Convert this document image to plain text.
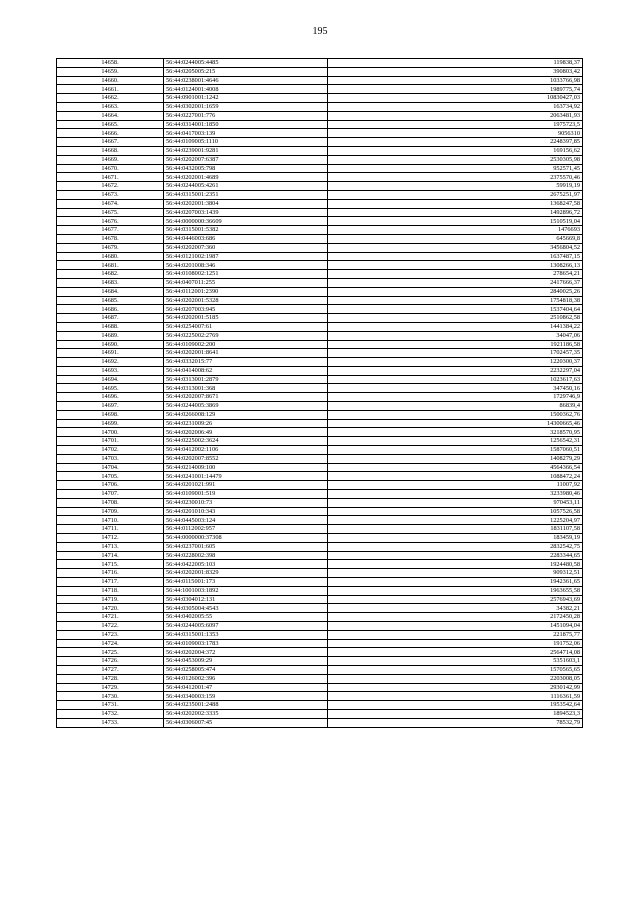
195
14658.	56:44:0244005:4485	119838,37
14659.	56:44:0205005:215	390803,42
14660.	56:44:0238001:4646	1033766,98
14661.	56:44:0124001:4008	1989775,74
14662.	56:44:0901001:1242	10830427,03
14663.	56:44:0302001:1659	163734,92
14664.	56:44:0227001:776	2063481,93
14665.	56:44:0314001:1850	1975723,5
14666.	56:44:0417003:139	9056310
14667.	56:44:0109005:1110	2248397,85
14668.	56:44:0239001:9281	169156,62
14669.	56:44:0202007:6387	2530305,98
14670.	56:44:0432005:798	952571,45
14671.	56:44:0202001:4689	2375570,46
14672.	56:44:0244005:4261	59919,19
14673.	56:44:0315001:2351	2675251,97
14674.	56:44:0202001:3804	1368247,58
14675.	56:44:0207003:1439	1492896,72
14676.	56:44:0000000:36609	1510519,04
14677.	56:44:0315001:5382	1476693
14678.	56:44:0446003:686	645669,8
14679.	56:44:0202007:360	3456804,52
14680.	56:44:0121002:1987	1637487,15
14681.	56:44:0201008:346	1308266,13
14682.	56:44:0108002:1251	278654,21
14683.	56:44:0407011:255	2417666,37
14684.	56:44:0112001:2390	2840025,26
14685.	56:44:0202001:5328	1754818,38
14686.	56:44:0207003:945	1537404,64
14687.	56:44:0202001:5185	2510862,58
14688.	56:44:0254007:61	1441384,22
14689.	56:44:0225002:2769	34047,06
14690.	56:44:0109002:200	1921186,58
14691.	56:44:0202001:8641	1702457,35
14692.	56:44:0332015:77	1220300,37
14693.	56:44:0414008:62	2232297,04
14694.	56:44:0313001:2879	1023617,63
14695.	56:44:0313001:368	347450,16
14696.	56:44:0202007:8671	1729746,9
14697.	56:44:0244005:3869	86839,4
14698.	56:44:0266008:129	1500362,76
14699.	56:44:0231009:26	14300665,46
14700.	56:44:0202006:49	3218570,95
14701.	56:44:0225002:3624	1256542,31
14702.	56:44:0412002:1106	1587060,51
14703.	56:44:0202007:8552	1408279,29
14704.	56:44:0214009:100	4564366,54
14705.	56:44:0241001:14479	1088472,24
14706.	56:44:0201021:991	11007,92
14707.	56:44:0109001:519	3233980,46
14708.	56:44:0230010:73	970453,11
14709.	56:44:0201010:343	1057526,58
14710.	56:44:0445003:124	1225204,97
14711.	56:44:0112002:957	1831107,58
14712.	56:44:0000000:37308	183459,19
14713.	56:44:0237001:605	2832542,75
14714.	56:44:0228002:398	2283344,65
14715.	56:44:0422005:103	1924480,58
14716.	56:44:0202001:8329	909312,51
14717.	56:44:0115001:173	1942361,65
14718.	56:44:1001003:1892	1963655,58
14719.	56:44:0304012:131	2576943,69
14720.	56:44:0305004:4543	34382,21
14721.	56:44:0402005:55	2172450,28
14722.	56:44:0244005:6097	1451094,04
14723.	56:44:0315001:1353	221875,77
14724.	56:44:0109003:1783	191752,06
14725.	56:44:0202004:372	2564714,08
14726.	56:44:0453009:29	5351603,1
14727.	56:44:0258005:474	1570565,65
14728.	56:44:0126002:396	2203008,05
14729.	56:44:0412001:47	2930142,99
14730.	56:44:0340003:159	1116361,59
14731.	56:44:0235001:2488	1953542,64
14732.	56:44:0202002:3335	1894523,3
14733.	56:44:0306007:45	78532,79
